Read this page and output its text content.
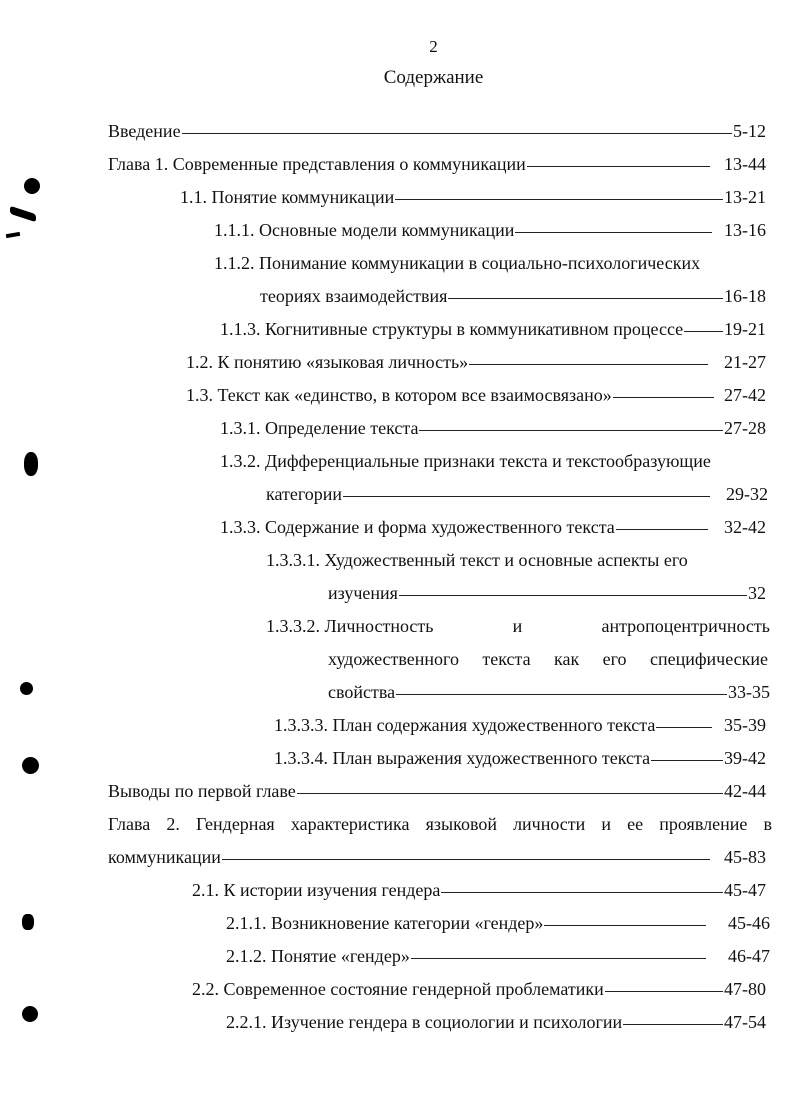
2
Содержание
Введение	5-12
Глава 1. Современные представления о коммуникации	13-44
1.1. Понятие коммуникации	13-21
1.1.1. Основные модели коммуникации	13-16
1.1.2. Понимание коммуникации в социально-психологических
теориях взаимодействия	16-18
1.1.3. Когнитивные структуры в коммуникативном процессе 19-21
1.2. К понятию «языковая личность»	21-27
1.3. Текст как «единство, в котором все взаимосвязано»	27-42
1.3.1. Определение текста	27-28
1.3.2. Дифференциальные признаки текста и текстообразующие
категории	29-32
1.3.3. Содержание и форма художественного текста	32-42
1.3.3.1. Художественный текст и основные аспекты его
изучения	32
1.3.3.2. Личностность	и	антропоцентричность
художественного текста как его специфические
свойства	33-35
1.3.3.3. План содержания художественного текста	35-39
1.3.3.4. План выражения художественного текста	39-42
Выводы по первой главе	42-44
Глава 2. Гендерная характеристика языковой личности и ее проявление в
коммуникации	45-83
2.1. К истории изучения гендера	45-47
2.1.1. Возникновение категории «гендер»	45-46
2.1.2. Понятие «гендер»	46-47
2.2. Современное состояние гендерной проблематики	47-80
2.2.1. Изучение гендера в социологии и психологии	47-54
